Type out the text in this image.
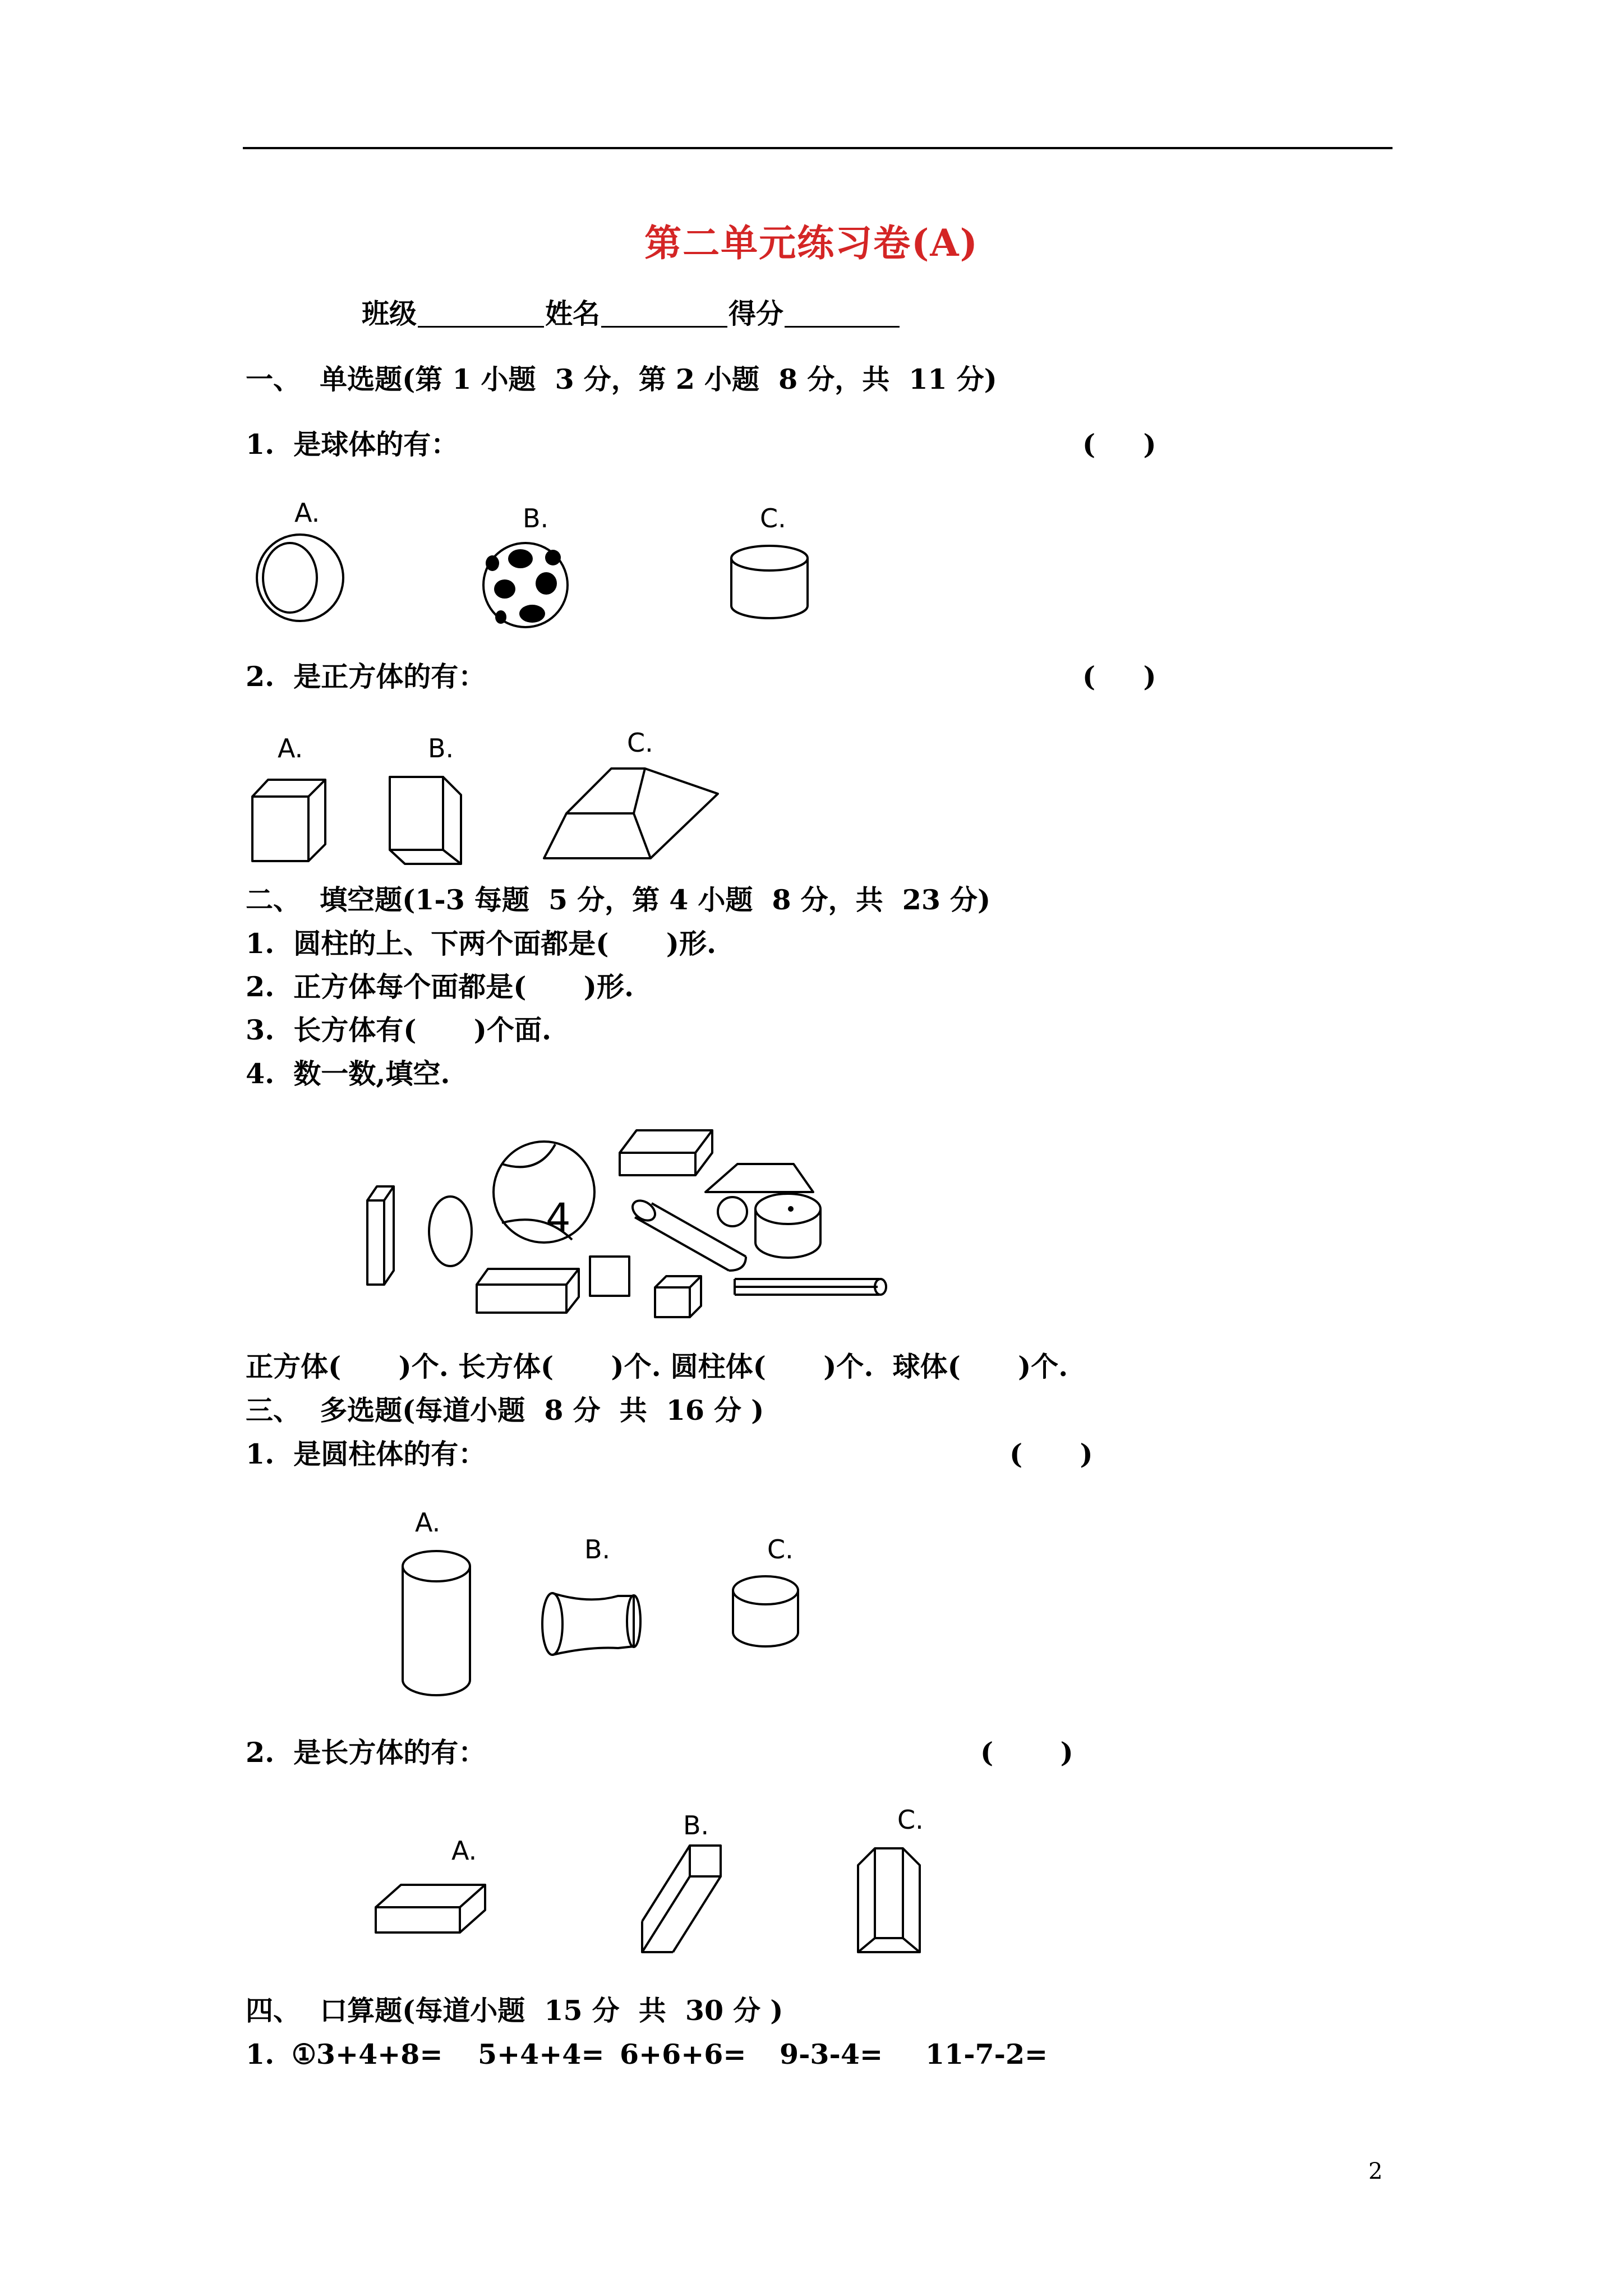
第二单元练习卷(A)
班级	姓名	得分
一、  单选题(第 1 小题  3 分，第 2 小题  8 分，共  11 分)
1.  是球体的有：	(     )
A.	B.	C.
2.  是正方体的有：	(     )
A.	B.	C.
二、  填空题(1-3 每题  5 分，第 4 小题  8 分，共  23 分)
1.  圆柱的上、下两个面都是(      )形.
2.  正方体每个面都是(      )形.
3.  长方体有(      )个面.
4.  数一数,填空.
4
正方体(      )个. 长方体(      )个. 圆柱体(      )个.  球体(      )个.
三、  多选题(每道小题  8 分  共  16 分 )
1.  是圆柱体的有：	(      )
A.
B.	C.
2.  是长方体的有：	(       )
A.
B.	C.
四、  口算题(每道小题  15 分  共  30 分 )
1. ①3+4+8= 5+4+4= 6+6+6= 9-3-4= 11-7-2=
2
